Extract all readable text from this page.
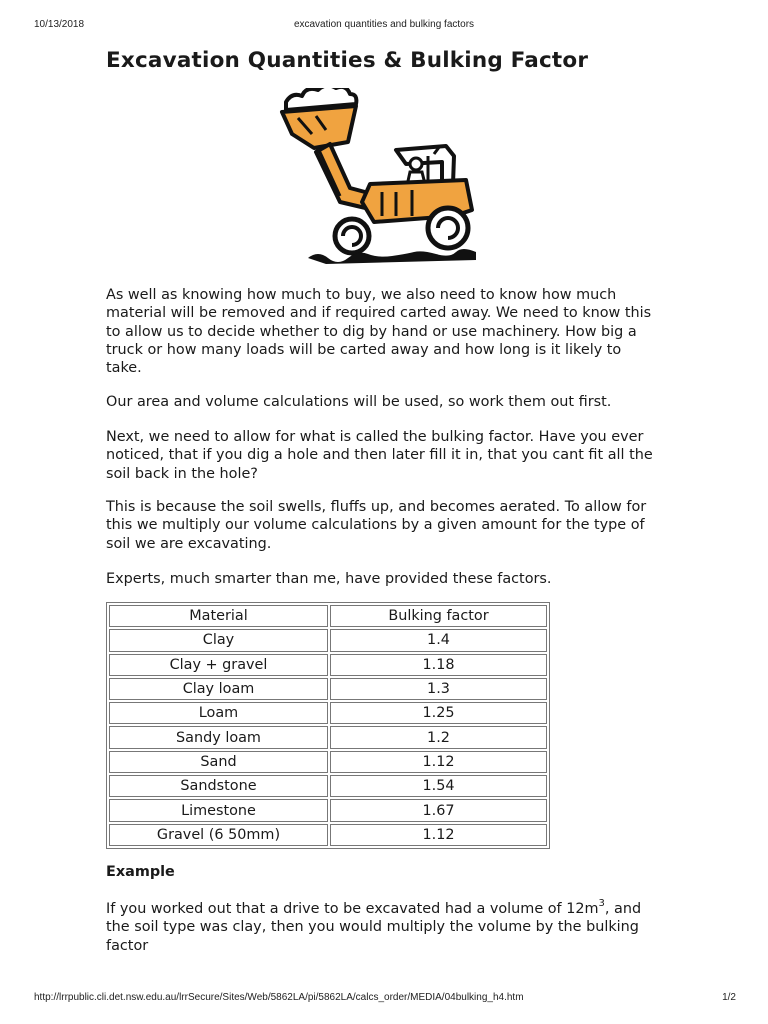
10/13/2018	excavation quantities and bulking factors
Excavation Quantities & Bulking Factor

As well as knowing how much to buy, we also need to know how much material will be removed and if required carted away. We need to know this to allow us to decide whether to dig by hand or use machinery. How big a truck or how many loads will be carted away and how long is it likely to take.

Our area and volume calculations will be used, so work them out first.

Next, we need to allow for what is called the bulking factor. Have you ever noticed, that if you dig a hole and then later fill it in, that you cant fit all the soil back in the hole?

This is because the soil swells, fluffs up, and becomes aerated. To allow for this we multiply our volume calculations by a given amount for the type of soil we are excavating.

Experts, much smarter than me, have provided these factors.

Material	Bulking factor
Clay	1.4
Clay + gravel	1.18
Clay loam	1.3
Loam	1.25
Sandy loam	1.2
Sand	1.12
Sandstone	1.54
Limestone	1.67
Gravel (6 50mm)	1.12
Example

If you worked out that a drive to be excavated had a volume of $12m^3$, and the soil type was clay, then you would multiply the volume by the bulking factor

http://lrrpublic.cli.det.nsw.edu.au/lrrSecure/Sites/Web/5862LA/pi/5862LA/calcs_order/MEDIA/04bulking_h4.htm	1/2
